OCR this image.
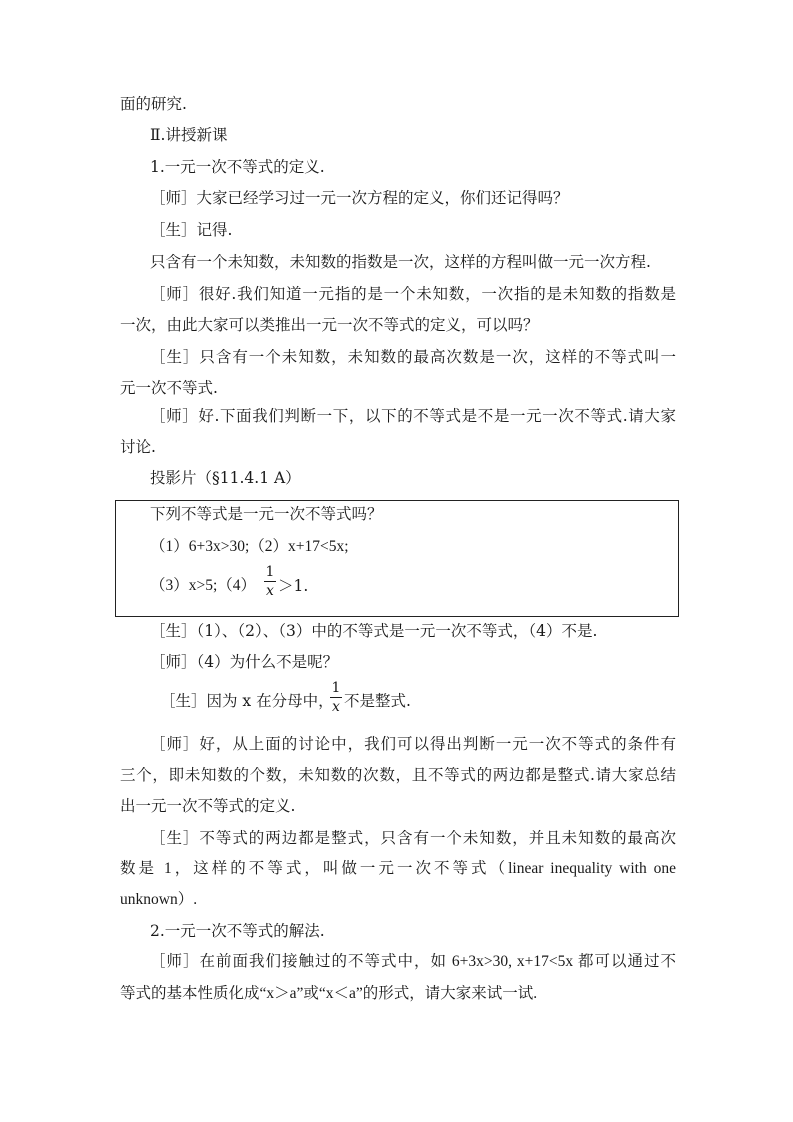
面的研究.
Ⅱ.讲授新课
1.一元一次不等式的定义.
［师］大家已经学习过一元一次方程的定义，你们还记得吗？
［生］记得.
只含有一个未知数，未知数的指数是一次，这样的方程叫做一元一次方程.
［师］很好.我们知道一元指的是一个未知数，一次指的是未知数的指数是
一次，由此大家可以类推出一元一次不等式的定义，可以吗？
［生］只含有一个未知数，未知数的最高次数是一次，这样的不等式叫一
元一次不等式.
［师］好.下面我们判断一下，以下的不等式是不是一元一次不等式.请大家
讨论.
投影片（§11.4.1 A）
下列不等式是一元一次不等式吗？
（1）6+3x>30;（2）x+17<5x;
（3）x>5;（4）
1
x ＞1.
［生］（1）、（2）、（3）中的不等式是一元一次不等式，（4）不是.
［师］（4）为什么不是呢？
［生］因为 x 在分母中，
1
x 不是整式.
［师］好，从上面的讨论中，我们可以得出判断一元一次不等式的条件有
三个，即未知数的个数，未知数的次数，且不等式的两边都是整式.请大家总结
出一元一次不等式的定义.
［生］不等式的两边都是整式，只含有一个未知数，并且未知数的最高次
数是 1，这样的不等式，叫做一元一次不等式（linear inequality with one
unknown）.
2.一元一次不等式的解法.
［师］在前面我们接触过的不等式中，如 6+3x>30, x+17<5x 都可以通过不
等式的基本性质化成“x＞a”或“x＜a”的形式，请大家来试一试.
